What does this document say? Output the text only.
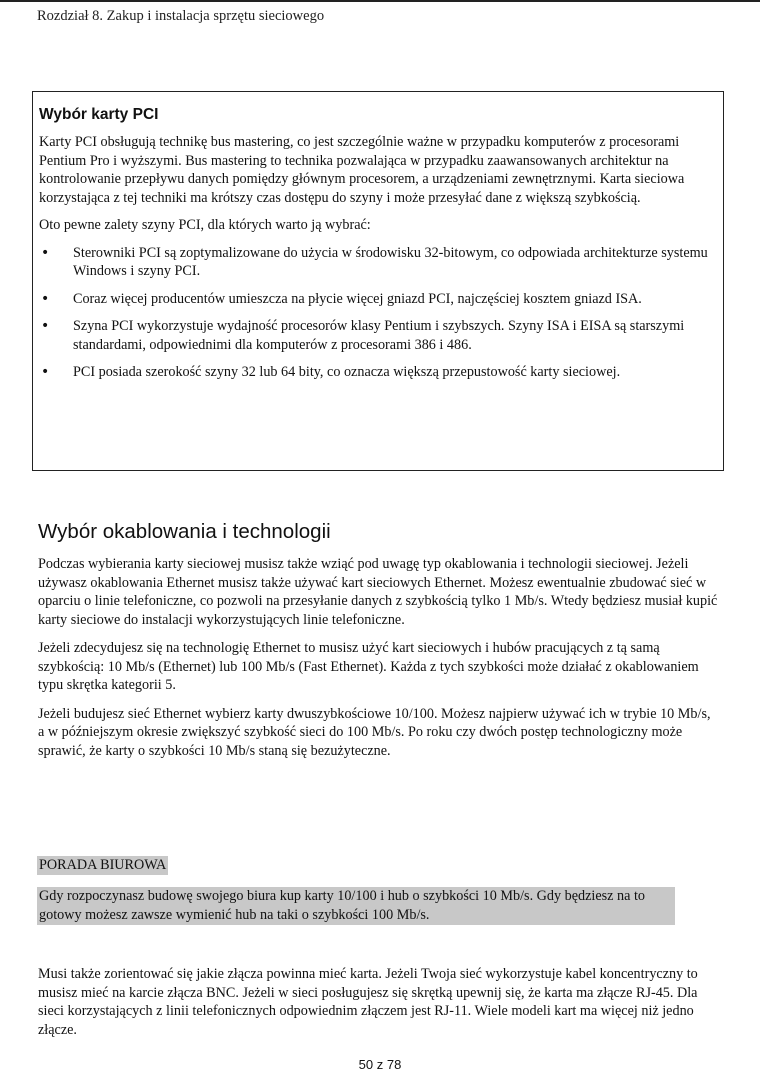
Rozdział 8. Zakup i instalacja sprzętu sieciowego
Wybór karty PCI

Karty PCI obsługują technikę bus mastering, co jest szczególnie ważne w przypadku komputerów z procesorami Pentium Pro i wyższymi. Bus mastering to technika pozwalająca w przypadku zaawansowanych architektur na kontrolowanie przepływu danych pomiędzy głównym procesorem, a urządzeniami zewnętrznymi. Karta sieciowa korzystająca z tej techniki ma krótszy czas dostępu do szyny i może przesyłać dane z większą szybkością.

Oto pewne zalety szyny PCI, dla których warto ją wybrać:

• Sterowniki PCI są zoptymalizowane do użycia w środowisku 32-bitowym, co odpowiada architekturze systemu Windows i szyny PCI.
• Coraz więcej producentów umieszcza na płycie więcej gniazd PCI, najczęściej kosztem gniazd ISA.
• Szyna PCI wykorzystuje wydajność procesorów klasy Pentium i szybszych. Szyny ISA i EISA są starszymi standardami, odpowiednimi dla komputerów z procesorami 386 i 486.
• PCI posiada szerokość szyny 32 lub 64 bity, co oznacza większą przepustowość karty sieciowej.
Wybór okablowania i technologii

Podczas wybierania karty sieciowej musisz także wziąć pod uwagę typ okablowania i technologii sieciowej. Jeżeli używasz okablowania Ethernet musisz także używać kart sieciowych Ethernet. Możesz ewentualnie zbudować sieć w oparciu o linie telefoniczne, co pozwoli na przesyłanie danych z szybkością tylko 1 Mb/s. Wtedy będziesz musiał kupić karty sieciowe do instalacji wykorzystujących linie telefoniczne.

Jeżeli zdecydujesz się na technologię Ethernet to musisz użyć kart sieciowych i hubów pracujących z tą samą szybkością: 10 Mb/s (Ethernet) lub 100 Mb/s (Fast Ethernet). Każda z tych szybkości może działać z okablowaniem typu skrętka kategorii 5.

Jeżeli budujesz sieć Ethernet wybierz karty dwuszybkościowe 10/100. Możesz najpierw używać ich w trybie 10 Mb/s, a w późniejszym okresie zwiększyć szybkość sieci do 100 Mb/s. Po roku czy dwóch postęp technologiczny może sprawić, że karty o szybkości 10 Mb/s staną się bezużyteczne.

PORADA BIUROWA
Gdy rozpoczynasz budowę swojego biura kup karty 10/100 i hub o szybkości 10 Mb/s. Gdy będziesz na to gotowy możesz zawsze wymienić hub na taki o szybkości 100 Mb/s.

Musi także zorientować się jakie złącza powinna mieć karta. Jeżeli Twoja sieć wykorzystuje kabel koncentryczny to musisz mieć na karcie złącza BNC. Jeżeli w sieci posługujesz się skrętką upewnij się, że karta ma złącze RJ-45. Dla sieci korzystających z linii telefonicznych odpowiednim złączem jest RJ-11. Wiele modeli kart ma więcej niż jedno złącze.

50 z 78
